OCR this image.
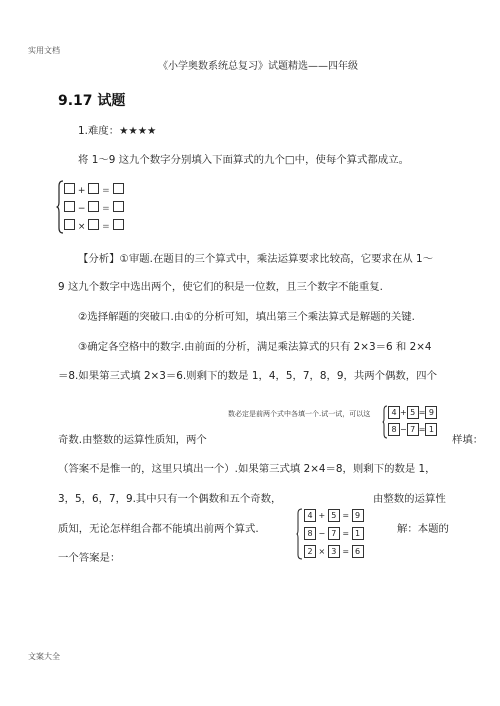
实用文档
文案大全
《小学奥数系统总复习》试题精选——四年级
9.17 试题
1.难度：★★★★
将 1～9 这九个数字分别填入下面算式的九个□中，使每个算式都成立。
+ =
− =
× =
【分析】①审题.在题目的三个算式中，乘法运算要求比较高，它要求在从 1～
9 这九个数字中选出两个，使它们的积是一位数，且三个数字不能重复.
②选择解题的突破口.由①的分析可知，填出第三个乘法算式是解题的关键.
③确定各空格中的数字.由前面的分析，满足乘法算式的只有 2×3＝6 和 2×4
＝8.如果第三式填 2×3＝6.则剩下的数是 1，4，5，7，8，9，共两个偶数，四个
数必定是前两个式中各填一个.试一试，可以这	4 + 5 = 9
8 − 7 = 1
奇数.由整数的运算性质知，两个	样填：
（答案不是惟一的，这里只填出一个）.如果第三式填 2×4＝8，则剩下的数是 1，
3，5，6，7，9.其中只有一个偶数和五个奇数，	由整数的运算性
质知，无论怎样组合都不能填出前两个算式.	解：本题的
一个答案是：
4 + 5 = 9
8 − 7 = 1
2 × 3 = 6
